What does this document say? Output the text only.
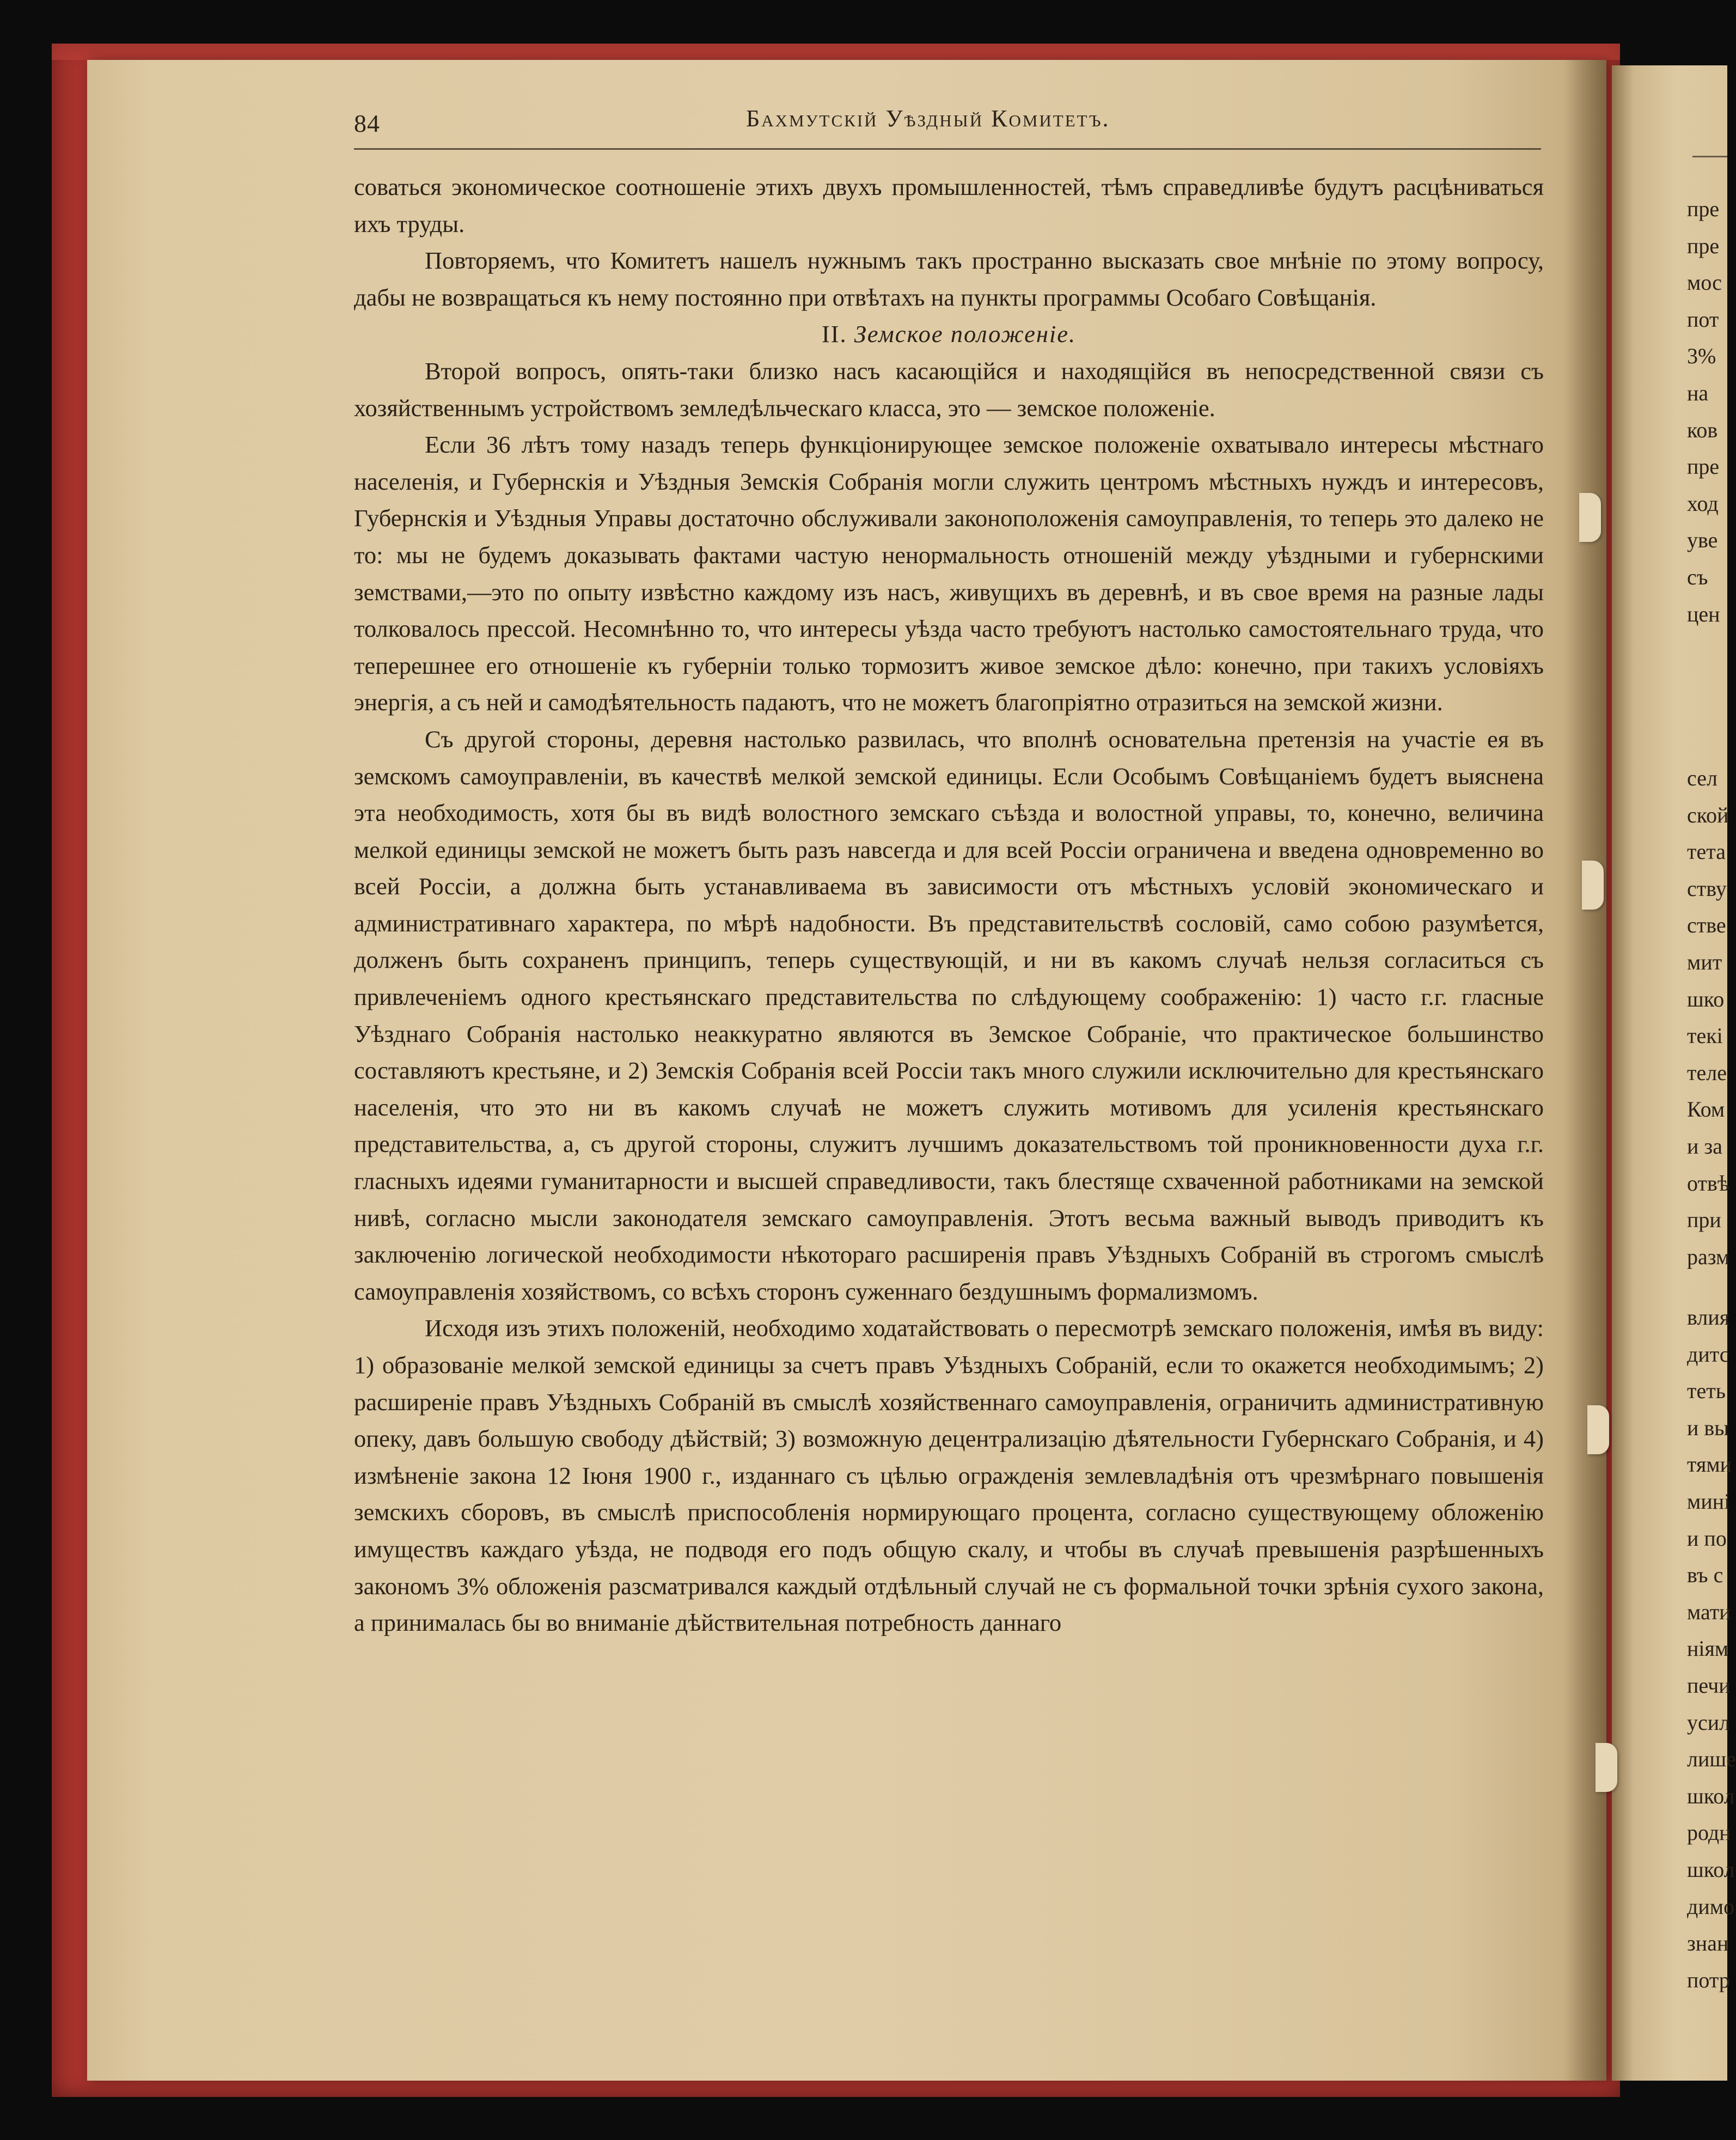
84	Бахмутскій Уѣздный Комитетъ.

соваться экономическое соотношеніе этихъ двухъ промышленностей, тѣмъ справедливѣе будутъ расцѣниваться ихъ труды.

Повторяемъ, что Комитетъ нашелъ нужнымъ такъ пространно высказать свое мнѣніе по этому вопросу, дабы не возвращаться къ нему постоянно при отвѣтахъ на пункты программы Особаго Совѣщанія.

II. Земское положеніе.

Второй вопросъ, опять-таки близко насъ касающійся и находящійся въ непосредственной связи съ хозяйственнымъ устройствомъ земледѣльческаго класса, это — земское положеніе.

Если 36 лѣтъ тому назадъ теперь функціонирующее земское положеніе охватывало интересы мѣстнаго населенія, и Губернскія и Уѣздныя Земскія Собранія могли служить центромъ мѣстныхъ нуждъ и интересовъ, Губернскія и Уѣздныя Управы достаточно обслуживали законоположенія самоуправленія, то теперь это далеко не то: мы не будемъ доказывать фактами частую ненормальность отношеній между уѣздными и губернскими земствами,—это по опыту извѣстно каждому изъ насъ, живущихъ въ деревнѣ, и въ свое время на разные лады толковалось прессой. Несомнѣнно то, что интересы уѣзда часто требуютъ настолько самостоятельнаго труда, что теперешнее его отношеніе къ губерніи только тормозитъ живое земское дѣло: конечно, при такихъ условіяхъ энергія, а съ ней и самодѣятельность падаютъ, что не можетъ благопріятно отразиться на земской жизни.

Съ другой стороны, деревня настолько развилась, что вполнѣ основательна претензія на участіе ея въ земскомъ самоуправленіи, въ качествѣ мелкой земской единицы. Если Особымъ Совѣщаніемъ будетъ выяснена эта необходимость, хотя бы въ видѣ волостного земскаго съѣзда и волостной управы, то, конечно, величина мелкой единицы земской не можетъ быть разъ навсегда и для всей Россіи ограничена и введена одновременно во всей Россіи, а должна быть устанавливаема въ зависимости отъ мѣстныхъ условій экономическаго и административнаго характера, по мѣрѣ надобности. Въ представительствѣ сословій, само собою разумѣется, долженъ быть сохраненъ принципъ, теперь существующій, и ни въ какомъ случаѣ нельзя согласиться съ привлеченіемъ одного крестьянскаго представительства по слѣдующему соображенію: 1) часто г.г. гласные Уѣзднаго Собранія настолько неаккуратно являются въ Земское Собраніе, что практическое большинство составляютъ крестьяне, и 2) Земскія Собранія всей Россіи такъ много служили исключительно для крестьянскаго населенія, что это ни въ какомъ случаѣ не можетъ служить мотивомъ для усиленія крестьянскаго представительства, а, съ другой стороны, служитъ лучшимъ доказательствомъ той проникновенности духа г.г. гласныхъ идеями гуманитарности и высшей справедливости, такъ блестяще схваченной работниками на земской нивѣ, согласно мысли законодателя земскаго самоуправленія. Этотъ весьма важный выводъ приводитъ къ заключенію логической необходимости нѣкотораго расширенія правъ Уѣздныхъ Собраній въ строгомъ смыслѣ самоуправленія хозяйствомъ, со всѣхъ сторонъ суженнаго бездушнымъ формализмомъ.

Исходя изъ этихъ положеній, необходимо ходатайствовать о пересмотрѣ земскаго положенія, имѣя въ виду: 1) образованіе мелкой земской единицы за счетъ правъ Уѣздныхъ Собраній, если то окажется необходимымъ; 2) расширеніе правъ Уѣздныхъ Собраній въ смыслѣ хозяйственнаго самоуправленія, ограничить административную опеку, давъ большую свободу дѣйствій; 3) возможную децентрализацію дѣятельности Губернскаго Собранія, и 4) измѣненіе закона 12 Іюня 1900 г., изданнаго съ цѣлью огражденія землевладѣнія отъ чрезмѣрнаго повышенія земскихъ сборовъ, въ смыслѣ приспособленія нормирующаго процента, согласно существующему обложенію имуществъ каждаго уѣзда, не подводя его подъ общую скалу, и чтобы въ случаѣ превышенія разрѣшенныхъ закономъ 3% обложенія разсматривался каждый отдѣльный случай не съ формальной точки зрѣнія сухого закона, а принималась бы во вниманіе дѣйствительная потребность даннаго

пре
пре
мос
пот
3%
на
ков
пре
ход
уве
съ
цен
сел
ской
тета
ству
стве
мит
шко
текі
теле
Ком
и за
отвѣ
при
разм
влия
дитс
теть
и вы
тями
мині
и по
въ с
мати
нiям
печи
усил
лише
школ
родн
школ
димо
знан
потр
